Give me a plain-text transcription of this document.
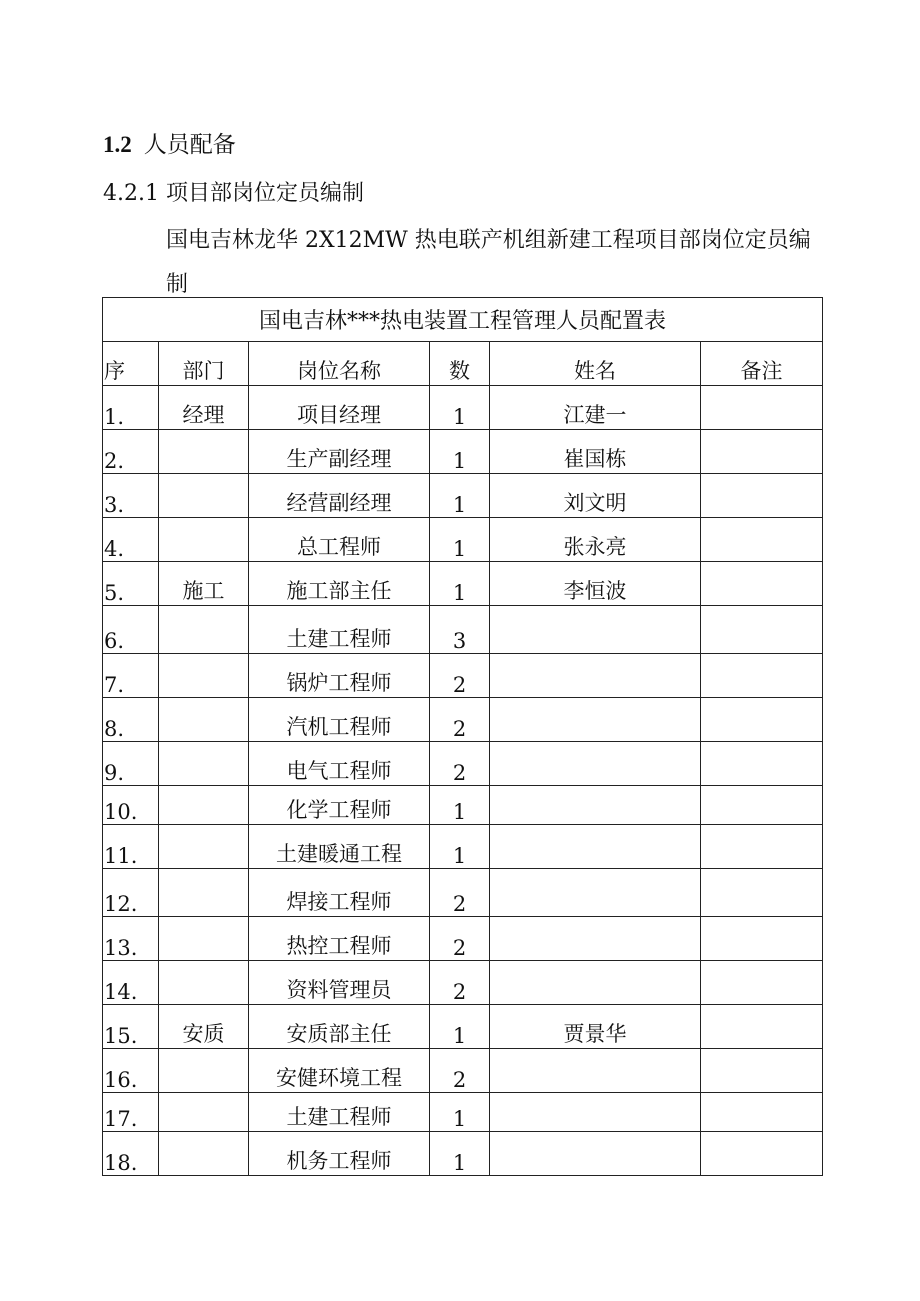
1.2 人员配备
4.2.1 项目部岗位定员编制
国电吉林龙华 2X12MW 热电联产机组新建工程项目部岗位定员编制
国电吉林***热电装置工程管理人员配置表					
序	部门	岗位名称	数	姓名	备注
1.	经理	项目经理	1	江建一	
2.		生产副经理	1	崔国栋	
3.		经营副经理	1	刘文明	
4.		总工程师	1	张永亮	
5.	施工	施工部主任	1	李恒波	
6.		土建工程师	3		
7.		锅炉工程师	2		
8.		汽机工程师	2		
9.		电气工程师	2		
10.		化学工程师	1		
11.		土建暖通工程	1		
12.		焊接工程师	2		
13.		热控工程师	2		
14.		资料管理员	2		
15.	安质	安质部主任	1	贾景华	
16.		安健环境工程	2		
17.		土建工程师	1		
18.		机务工程师	1		
